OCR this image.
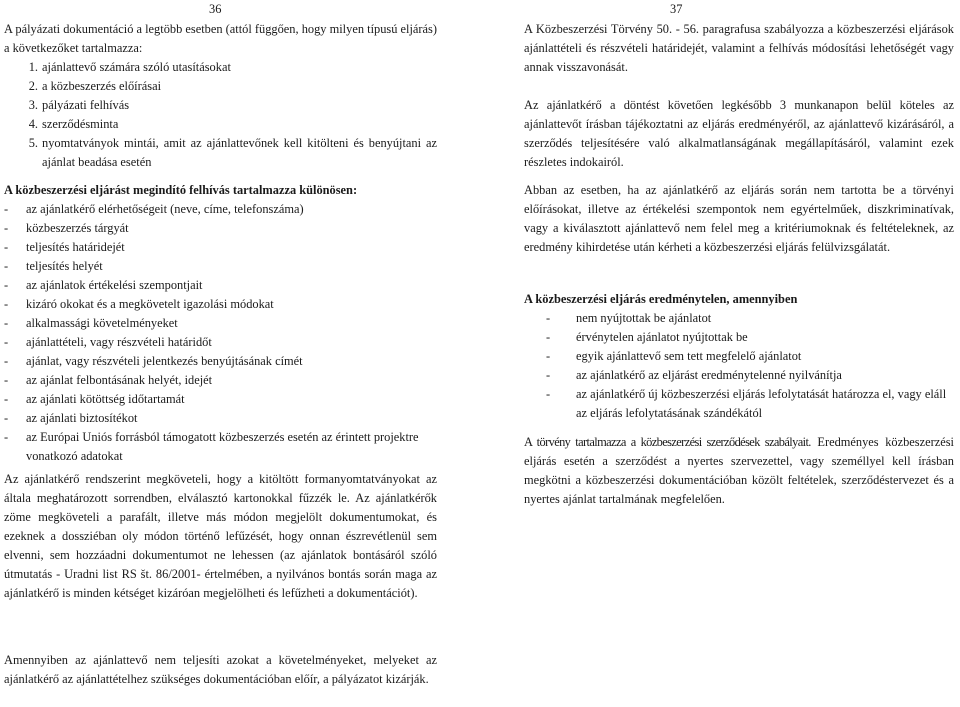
36
A pályázati dokumentáció a legtöbb esetben (attól függően, hogy milyen típusú eljárás) a következőket tartalmazza:
1. ajánlattevő számára szóló utasításokat
2. a közbeszerzés előírásai
3. pályázati felhívás
4. szerződésminta
5. nyomtatványok mintái, amit az ajánlattevőnek kell kitölteni és benyújtani az ajánlat beadása esetén
A közbeszerzési eljárást megindító felhívás tartalmazza különösen:
-	az ajánlatkérő elérhetőségeit (neve, címe, telefonszáma)
-	közbeszerzés tárgyát
-	teljesítés határidejét
-	teljesítés helyét
-	az ajánlatok értékelési szempontjait
-	kizáró okokat és a megkövetelt igazolási módokat
-	alkalmassági követelményeket
-	ajánlattételi, vagy részvételi határidőt
-	ajánlat, vagy részvételi jelentkezés benyújtásának címét
-	az ajánlat felbontásának helyét, idejét
-	az ajánlati kötöttség időtartamát
-	az ajánlati biztosítékot
-	az Európai Uniós forrásból támogatott közbeszerzés esetén az érintett projektre vonatkozó adatokat
Az ajánlatkérő rendszerint megköveteli, hogy a kitöltött formanyomtatványokat az általa meghatározott sorrendben, elválasztó kartonokkal fűzzék le. Az ajánlatkérők zöme megköveteli a parafált, illetve más módon megjelölt dokumentumokat, és ezeknek a dossziéban oly módon történő lefűzését, hogy onnan észrevétlenül sem elvenni, sem hozzáadni dokumentumot ne lehessen (az ajánlatok bontásáról szóló útmutatás - Uradni list RS št. 86/2001- értelmében, a nyilvános bontás során maga az ajánlatkérő is minden kétséget kizáróan megjelölheti és lefűzheti a dokumentációt).
Amennyiben az ajánlattevő nem teljesíti azokat a követelményeket, melyeket az ajánlatkérő az ajánlattételhez szükséges dokumentációban előír, a pályázatot kizárják.
37
A Közbeszerzési Törvény 50. - 56. paragrafusa szabályozza a közbeszerzési eljárások ajánlattételi és részvételi határidejét, valamint a felhívás módosítási lehetőségét vagy annak visszavonását.
Az ajánlatkérő a döntést követően legkésőbb 3 munkanapon belül köteles az ajánlattevőt írásban tájékoztatni az eljárás eredményéről, az ajánlattevő kizárásáról, a szerződés teljesítésére való alkalmatlanságának megállapításáról, valamint ezek részletes indokairól.
Abban az esetben, ha az ajánlatkérő az eljárás során nem tartotta be a törvényi előírásokat, illetve az értékelési szempontok nem egyértelműek, diszkriminatívak, vagy a kiválasztott ajánlattevő nem felel meg a kritériumoknak és feltételeknek, az eredmény kihirdetése után kérheti a közbeszerzési eljárás felülvizsgálatát.
A közbeszerzési eljárás eredménytelen, amennyiben
-	nem nyújtottak be ajánlatot
-	érvénytelen ajánlatot nyújtottak be
-	egyik ajánlattevő sem tett megfelelő ajánlatot
-	az ajánlatkérő az eljárást eredménytelenné nyilvánítja
-	az ajánlatkérő új közbeszerzési eljárás lefolytatását határozza el, vagy eláll az eljárás lefolytatásának szándékától
A törvény tartalmazza a közbeszerzési szerződések szabályait. Eredményes közbeszerzési eljárás esetén a szerződést a nyertes szervezettel, vagy személlyel kell írásban megkötni a közbeszerzési dokumentációban közölt feltételek, szerződéstervezet és a nyertes ajánlat tartalmának megfelelően.
